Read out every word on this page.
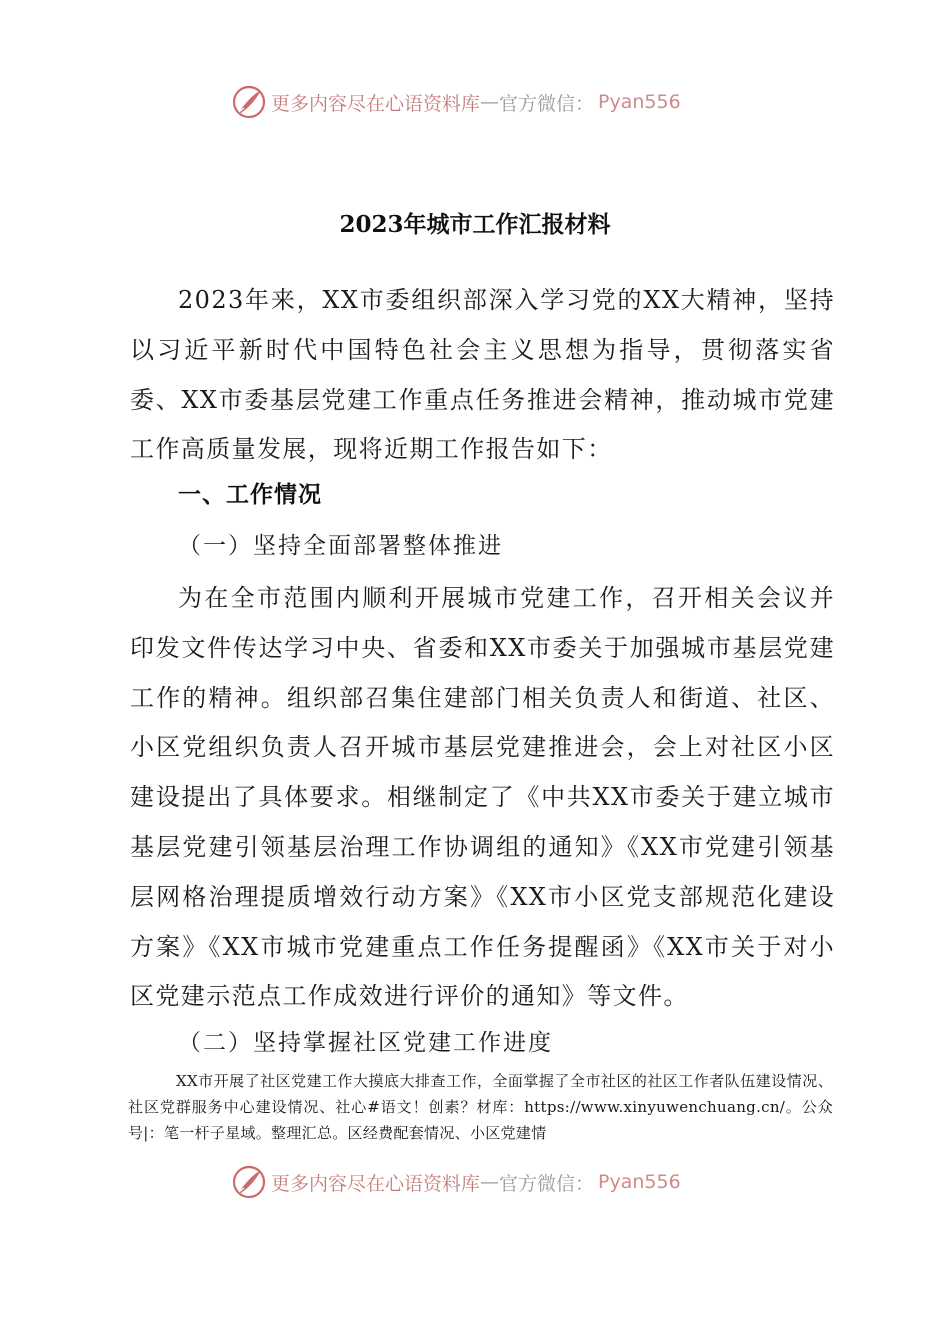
更多内容尽在心语资料库 — 官方微信： Pyan556
2023年城市工作汇报材料
2023年来，XX市委组织部深入学习党的XX大精神，坚持以习近平新时代中国特色社会主义思想为指导，贯彻落实省委、XX市委基层党建工作重点任务推进会精神，推动城市党建工作高质量发展，现将近期工作报告如下：
一、工作情况
（一）坚持全面部署整体推进
为在全市范围内顺利开展城市党建工作，召开相关会议并印发文件传达学习中央、省委和XX市委关于加强城市基层党建工作的精神。组织部召集住建部门相关负责人和街道、社区、小区党组织负责人召开城市基层党建推进会，会上对社区小区建设提出了具体要求。相继制定了《中共XX市委关于建立城市基层党建引领基层治理工作协调组的通知》《XX市党建引领基层网格治理提质增效行动方案》《XX市小区党支部规范化建设方案》《XX市城市党建重点工作任务提醒函》《XX市关于对小区党建示范点工作成效进行评价的通知》等文件。
（二）坚持掌握社区党建工作进度
XX市开展了社区党建工作大摸底大排查工作，全面掌握了全市社区的社区工作者队伍建设情况、社区党群服务中心建设情况、社心#语文！创素？材库：https://www.xinyuwenchuang.cn/。公众号|：笔一杆子星域。整理汇总。区经费配套情况、小区党建情
更多内容尽在心语资料库 — 官方微信： Pyan556
